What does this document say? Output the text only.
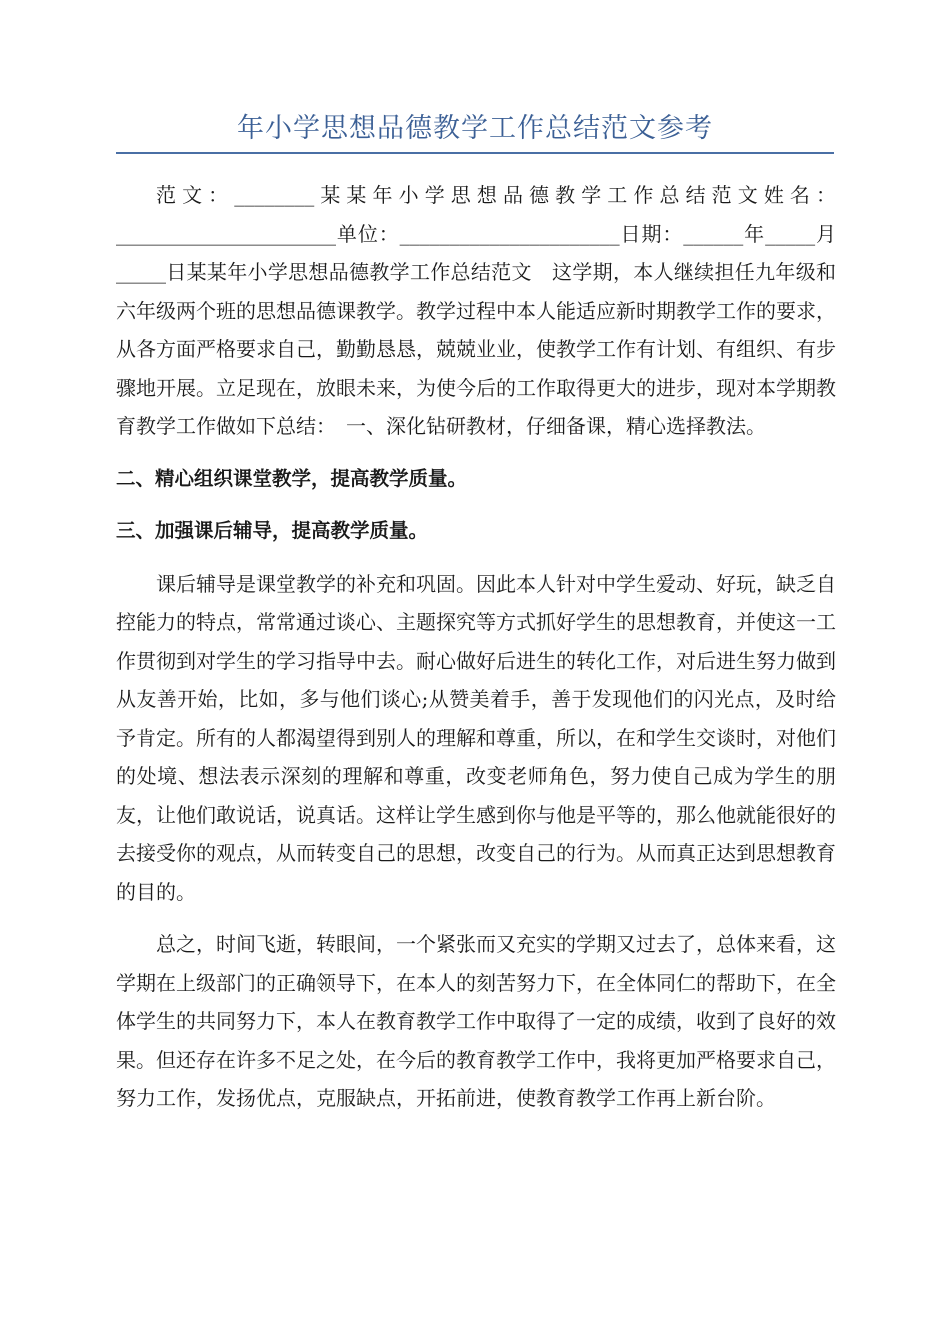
年小学思想品德教学工作总结范文参考

范文：________某某年小学思想品德教学工作总结范文姓名：______________________单位：______________________日期：______年_____月_____日某某年小学思想品德教学工作总结范文　这学期，本人继续担任九年级和六年级两个班的思想品德课教学。教学过程中本人能适应新时期教学工作的要求，从各方面严格要求自己，勤勤恳恳，兢兢业业，使教学工作有计划、有组织、有步骤地开展。立足现在，放眼未来，为使今后的工作取得更大的进步，现对本学期教育教学工作做如下总结：　一、深化钻研教材，仔细备课，精心选择教法。

二、精心组织课堂教学，提高教学质量。

三、加强课后辅导，提高教学质量。

课后辅导是课堂教学的补充和巩固。因此本人针对中学生爱动、好玩，缺乏自控能力的特点，常常通过谈心、主题探究等方式抓好学生的思想教育，并使这一工作贯彻到对学生的学习指导中去。耐心做好后进生的转化工作，对后进生努力做到从友善开始，比如，多与他们谈心;从赞美着手，善于发现他们的闪光点，及时给予肯定。所有的人都渴望得到别人的理解和尊重，所以，在和学生交谈时，对他们的处境、想法表示深刻的理解和尊重，改变老师角色，努力使自己成为学生的朋友，让他们敢说话，说真话。这样让学生感到你与他是平等的，那么他就能很好的去接受你的观点，从而转变自己的思想，改变自己的行为。从而真正达到思想教育的目的。

总之，时间飞逝，转眼间，一个紧张而又充实的学期又过去了，总体来看，这学期在上级部门的正确领导下，在本人的刻苦努力下，在全体同仁的帮助下，在全体学生的共同努力下，本人在教育教学工作中取得了一定的成绩，收到了良好的效果。但还存在许多不足之处，在今后的教育教学工作中，我将更加严格要求自己，努力工作，发扬优点，克服缺点，开拓前进，使教育教学工作再上新台阶。
